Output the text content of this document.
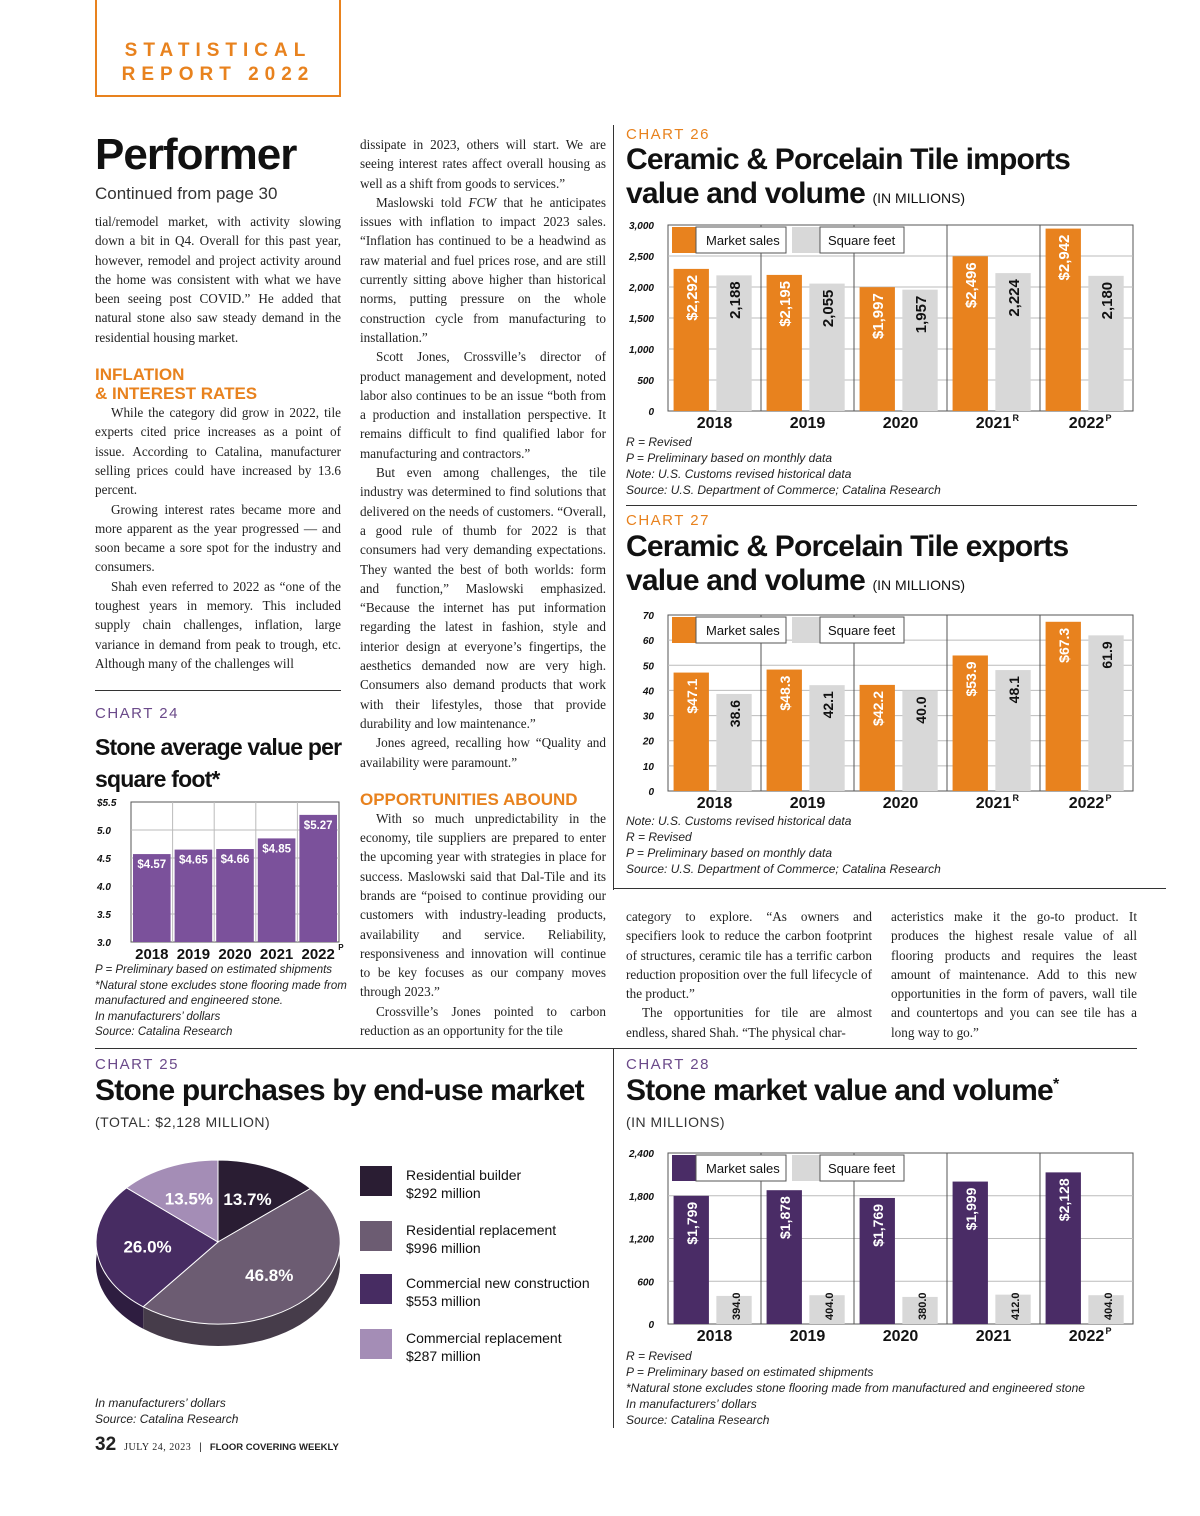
STATISTICAL
REPORT 2022
Performer
Continued from page 30

tial/remodel market, with activity slowing down a bit in Q4. Overall for this past year, however, remodel and project activity around the home was consistent with what we have been seeing post COVID.” He added that natural stone also saw steady demand in the residential housing market.

INFLATION
& INTEREST RATES

While the category did grow in 2022, tile experts cited price increases as a point of issue. According to Catalina, manufacturer selling prices could have increased by 13.6 percent.

Growing interest rates became more and more apparent as the year progressed — and soon became a sore spot for the industry and consumers.

Shah even referred to 2022 as “one of the toughest years in memory. This included supply chain challenges, inflation, large variance in demand from peak to trough, etc. Although many of the challenges will

dissipate in 2023, others will start. We are seeing interest rates affect overall housing as well as a shift from goods to services.”

Maslowski told FCW that he anticipates issues with inflation to impact 2023 sales. “Inflation has continued to be a headwind as raw material and fuel prices rose, and are still currently sitting above higher than historical norms, putting pressure on the whole construction cycle from manufacturing to installation.”

Scott Jones, Crossville’s director of product management and development, noted labor also continues to be an issue “both from a production and installation perspective. It remains difficult to find qualified labor for manufacturing and contractors.”

But even among challenges, the tile industry was determined to find solutions that delivered on the needs of customers. “Overall, a good rule of thumb for 2022 is that consumers had very demanding expectations. They wanted the best of both worlds: form and function,” Maslowski emphasized. “Because the internet has put information regarding the latest in fashion, style and interior design at everyone’s fingertips, the aesthetics demanded now are very high. Consumers also demand products that work with their lifestyles, those that provide durability and low maintenance.”

Jones agreed, recalling how “Quality and availability were paramount.”

OPPORTUNITIES ABOUND

With so much unpredictability in the economy, tile suppliers are prepared to enter the upcoming year with strategies in place for success. Maslowski said that Dal-Tile and its brands are “poised to continue providing our customers with industry-leading products, availability and service. Reliability, responsiveness and innovation will continue to be key focuses as our company moves through 2023.”

Crossville’s Jones pointed to carbon reduction as an opportunity for the tile

category to explore. “As owners and specifiers look to reduce the carbon footprint of structures, ceramic tile has a terrific carbon reduction proposition over the full lifecycle of the product.”

The opportunities for tile are almost endless, shared Shah. “The physical char-

acteristics make it the go-to product. It produces the highest resale value of all flooring products and requires the least amount of maintenance. Add to this new opportunities in the form of pavers, wall tile and countertops and you can see tile has a long way to go.”

CHART 24
Stone average value per
square foot*
$5.5
5.0
4.5
4.0
3.5
3.0
$4.57
2018
$4.65
2019
$4.66
2020
$4.85
2021
$5.27
2022 P
P = Preliminary based on estimated shipments
*Natural stone excludes stone flooring made from manufactured and engineered stone.
In manufacturers’ dollars
Source: Catalina Research
CHART 25
Stone purchases by end-use market
(TOTAL: $2,128 MILLION)
13.7%
46.8%
26.0%
13.5%
Residential builder
$292 million
Residential replacement
$996 million
Commercial new construction
$553 million
Commercial replacement
$287 million
In manufacturers’ dollars
Source: Catalina Research
CHART 26
Ceramic & Porcelain Tile imports
value and volume (IN MILLIONS)
3,000
2,500
2,000
1,500
1,000
500
0
$2,292 2,188
2018
$2,195 2,055
2019
$1,997 1,957
2020
$2,496 2,224
2021 R
$2,942
2,180
2022 P
Market sales	Square feet
R = Revised
P = Preliminary based on monthly data
Note: U.S. Customs revised historical data
Source: U.S. Department of Commerce; Catalina Research
CHART 27
Ceramic & Porcelain Tile exports
value and volume (IN MILLIONS)
70
60
50
40
30
20
10
0
$47.1 38.6
2018
$48.3 42.1
2019
$42.2 40.0
2020
$53.9 48.1
2021 R
$67.3 61.9
2022 P
Market sales	Square feet
Note: U.S. Customs revised historical data
R = Revised
P = Preliminary based on monthly data
Source: U.S. Department of Commerce; Catalina Research
CHART 28
Stone market value and volume*
(IN MILLIONS)
2,400
1,800
1,200
600
0
$1,799
394.0
2018
$1,878
404.0
2019
$1,769
380.0
2020
$1,999
412.0
2021
$2,128
404.0
2022 P
Market sales	Square feet
R = Revised
P = Preliminary based on estimated shipments
*Natural stone excludes stone flooring made from manufactured and engineered stone
In manufacturers’ dollars
Source: Catalina Research
32 JULY 24, 2023 | FLOOR COVERING WEEKLY
